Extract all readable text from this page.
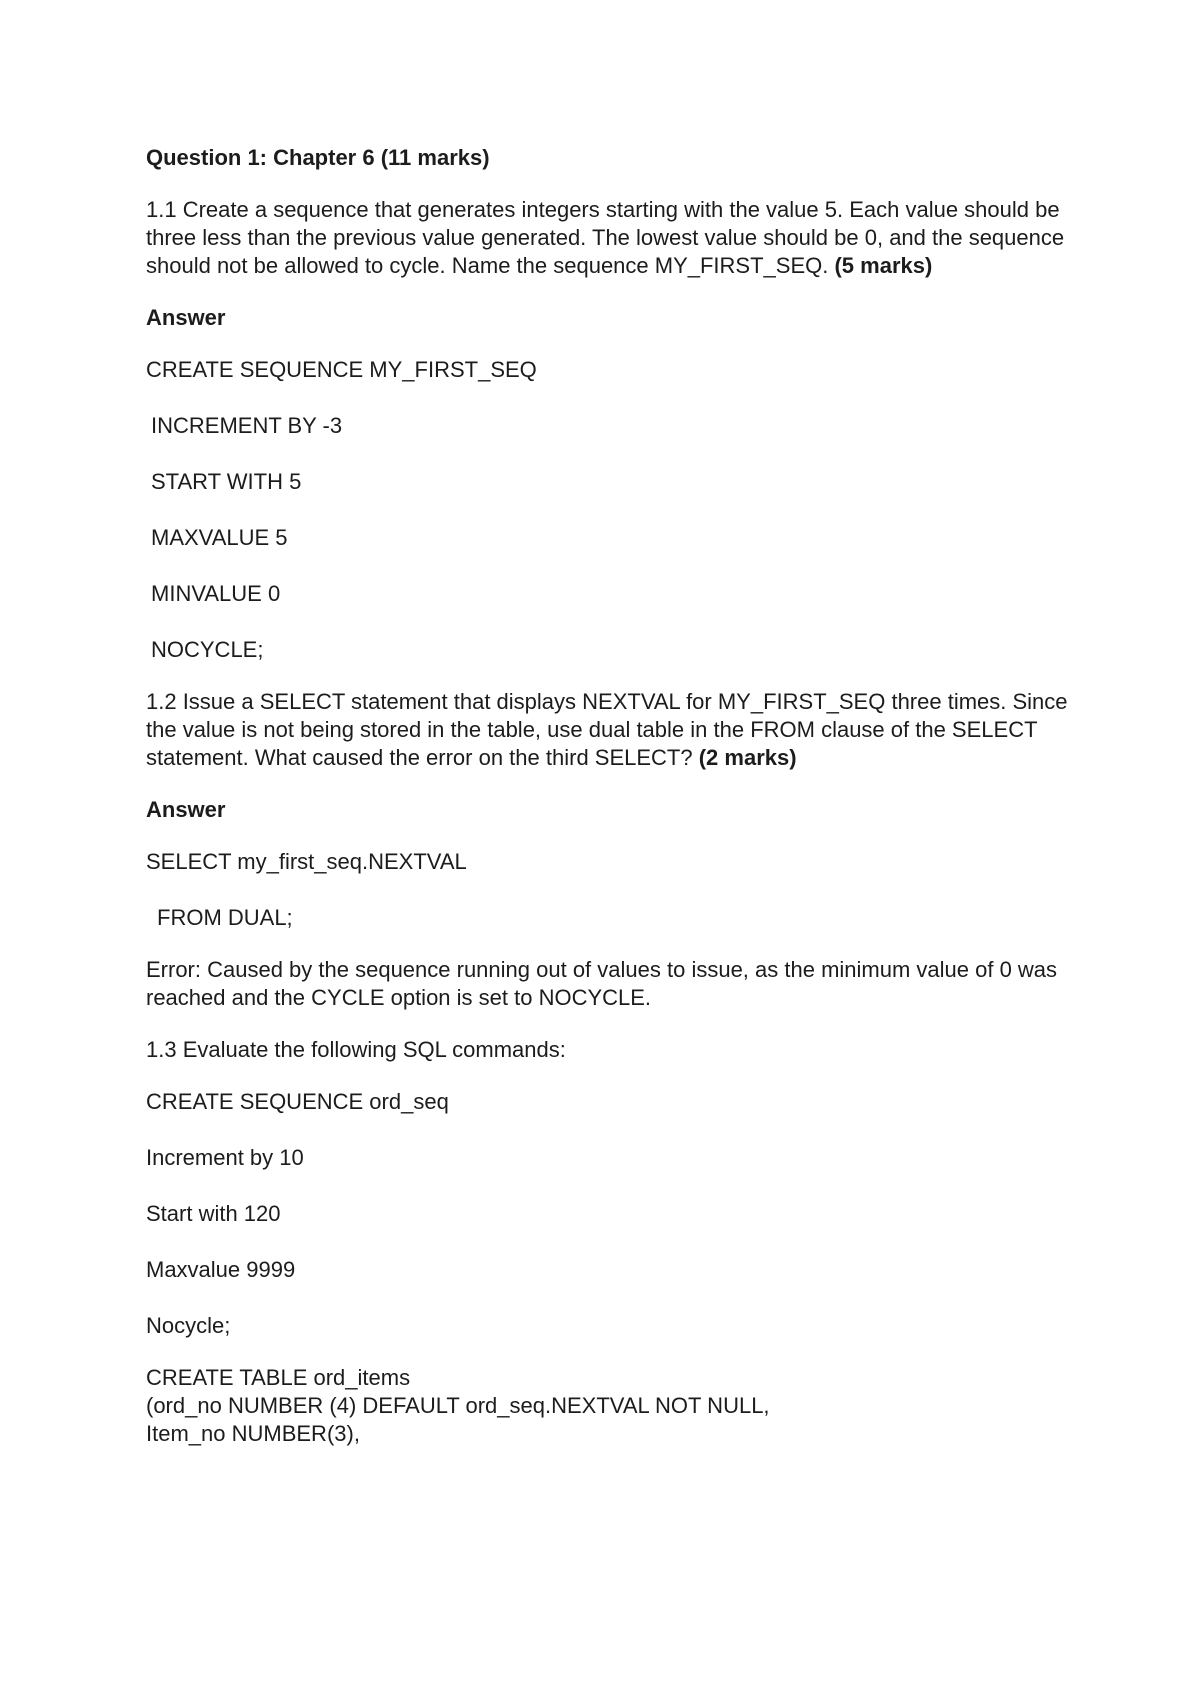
Question 1: Chapter 6 (11 marks)
1.1 Create a sequence that generates integers starting with the value 5. Each value should be three less than the previous value generated. The lowest value should be 0, and the sequence should not be allowed to cycle. Name the sequence MY_FIRST_SEQ. (5 marks)
Answer
CREATE SEQUENCE MY_FIRST_SEQ
INCREMENT BY -3
START WITH 5
MAXVALUE 5
MINVALUE 0
NOCYCLE;
1.2 Issue a SELECT statement that displays NEXTVAL for MY_FIRST_SEQ three times. Since the value is not being stored in the table, use dual table in the FROM clause of the SELECT statement. What caused the error on the third SELECT? (2 marks)
Answer
SELECT my_first_seq.NEXTVAL
FROM DUAL;
Error: Caused by the sequence running out of values to issue, as the minimum value of 0 was reached and the CYCLE option is set to NOCYCLE.
1.3 Evaluate the following SQL commands:
CREATE SEQUENCE ord_seq
Increment by 10
Start with 120
Maxvalue 9999
Nocycle;
CREATE TABLE ord_items
(ord_no NUMBER (4) DEFAULT ord_seq.NEXTVAL NOT NULL,
Item_no NUMBER(3),
